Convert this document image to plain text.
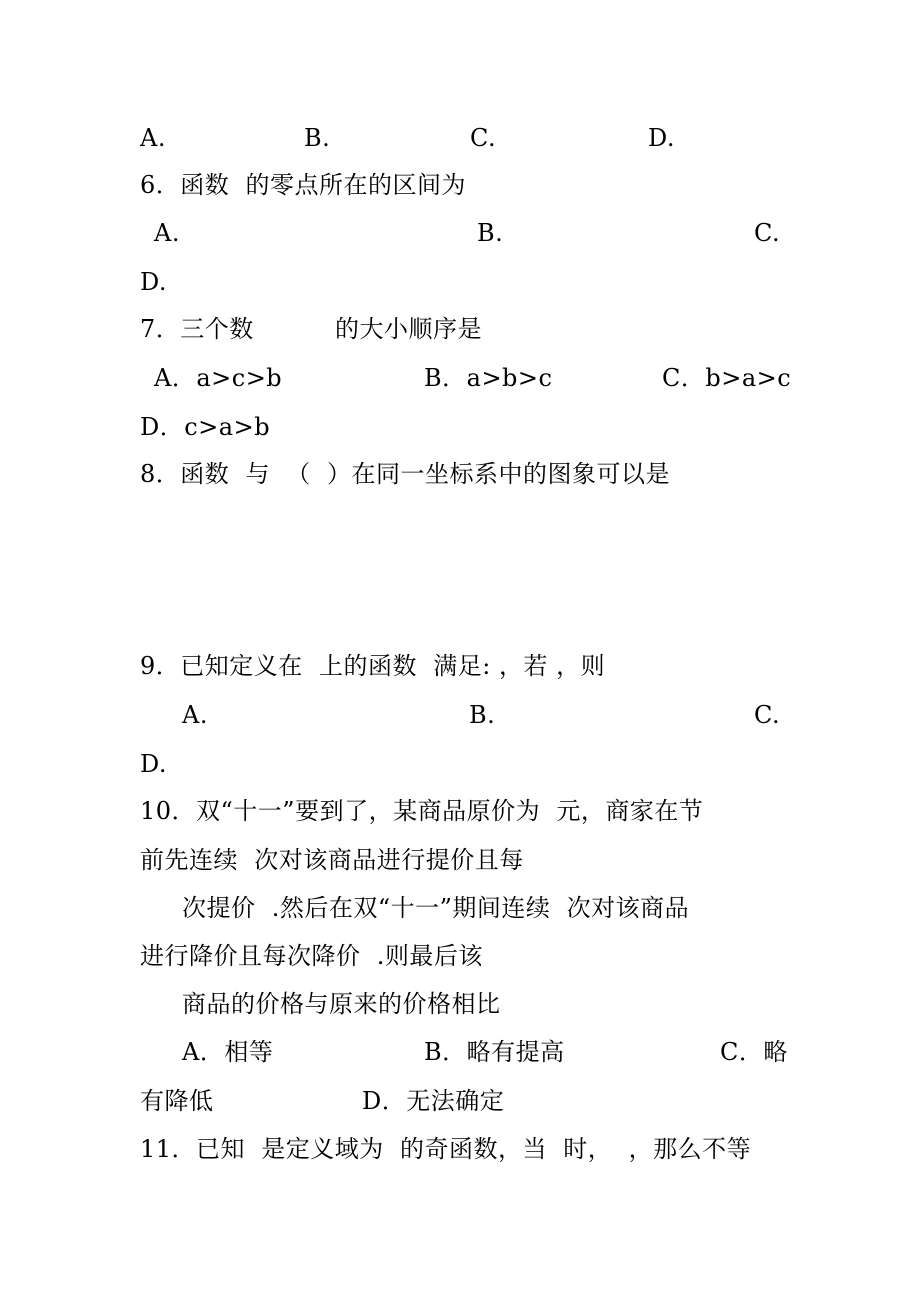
A.	B.	C.	D.
6．函数  的零点所在的区间为
A.	B.	C.
D.
7．三个数          的大小顺序是
A．a>c>b	B．a>b>c	C．b>a>c
D．c>a>b
8．函数  与  （  ）在同一坐标系中的图象可以是
9．已知定义在  上的函数  满足: ，若 ，则
A.	B.	C.
D.
10．双“十一”要到了，某商品原价为  元，商家在节
前先连续  次对该商品进行提价且每
次提价  .然后在双“十一”期间连续  次对该商品
进行降价且每次降价  .则最后该
商品的价格与原来的价格相比
A．相等	B．略有提高	C．略
有降低	D．无法确定
11．已知  是定义域为  的奇函数，当  时，  ，那么不等
